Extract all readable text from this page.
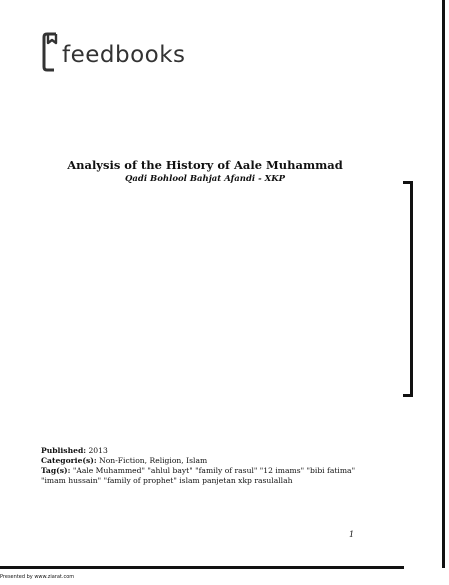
feedbooks

Analysis of the History of Aale Muhammad

Qadi Bohlool Bahjat Afandi - XKP

Published: 2013

Categorie(s): Non-Fiction, Religion, Islam

Tag(s): "Aale Muhammed" "ahlul bayt" "family of rasul" "12 imams" "bibi fatima" "imam hussain" "family of prophet" islam panjetan xkp rasulallah

1
Presented by www.ziarat.com
